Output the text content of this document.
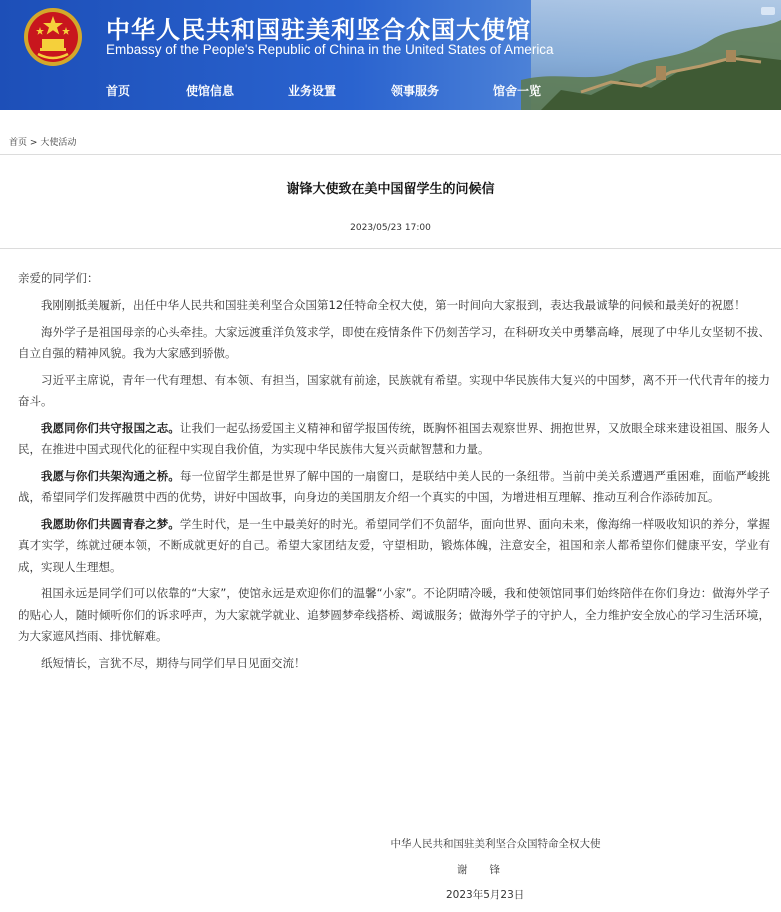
中华人民共和国驻美利坚合众国大使馆
Embassy of the People's Republic of China in the United States of America
首页	使馆信息	业务设置	领事服务	馆舍一览
首页 > 大使活动
谢锋大使致在美中国留学生的问候信
2023/05/23 17:00

亲爱的同学们：

我刚刚抵美履新，出任中华人民共和国驻美利坚合众国第12任特命全权大使，第一时间向大家报到，表达我最诚挚的问候和最美好的祝愿！

海外学子是祖国母亲的心头牵挂。大家远渡重洋负笈求学，即使在疫情条件下仍刻苦学习，在科研攻关中勇攀高峰，展现了中华儿女坚韧不拔、自立自强的精神风貌。我为大家感到骄傲。

习近平主席说，青年一代有理想、有本领、有担当，国家就有前途，民族就有希望。实现中华民族伟大复兴的中国梦，离不开一代代青年的接力奋斗。

我愿同你们共守报国之志。让我们一起弘扬爱国主义精神和留学报国传统，既胸怀祖国去观察世界、拥抱世界，又放眼全球来建设祖国、服务人民，在推进中国式现代化的征程中实现自我价值，为实现中华民族伟大复兴贡献智慧和力量。

我愿与你们共架沟通之桥。每一位留学生都是世界了解中国的一扇窗口，是联结中美人民的一条纽带。当前中美关系遭遇严重困难，面临严峻挑战，希望同学们发挥融贯中西的优势，讲好中国故事，向身边的美国朋友介绍一个真实的中国，为增进相互理解、推动互利合作添砖加瓦。

我愿助你们共圆青春之梦。学生时代，是一生中最美好的时光。希望同学们不负韶华，面向世界、面向未来，像海绵一样吸收知识的养分，掌握真才实学，练就过硬本领，不断成就更好的自己。希望大家团结友爱，守望相助，锻炼体魄，注意安全，祖国和亲人都希望你们健康平安，学业有成，实现人生理想。

祖国永远是同学们可以依靠的“大家”，使馆永远是欢迎你们的温馨“小家”。不论阴晴冷暖，我和使领馆同事们始终陪伴在你们身边：做海外学子的贴心人，随时倾听你们的诉求呼声，为大家就学就业、追梦圆梦牵线搭桥、竭诚服务；做海外学子的守护人，全力维护安全放心的学习生活环境，为大家遮风挡雨、排忧解难。

纸短情长，言犹不尽，期待与同学们早日见面交流！

中华人民共和国驻美利坚合众国特命全权大使
谢锋
2023年5月23日
